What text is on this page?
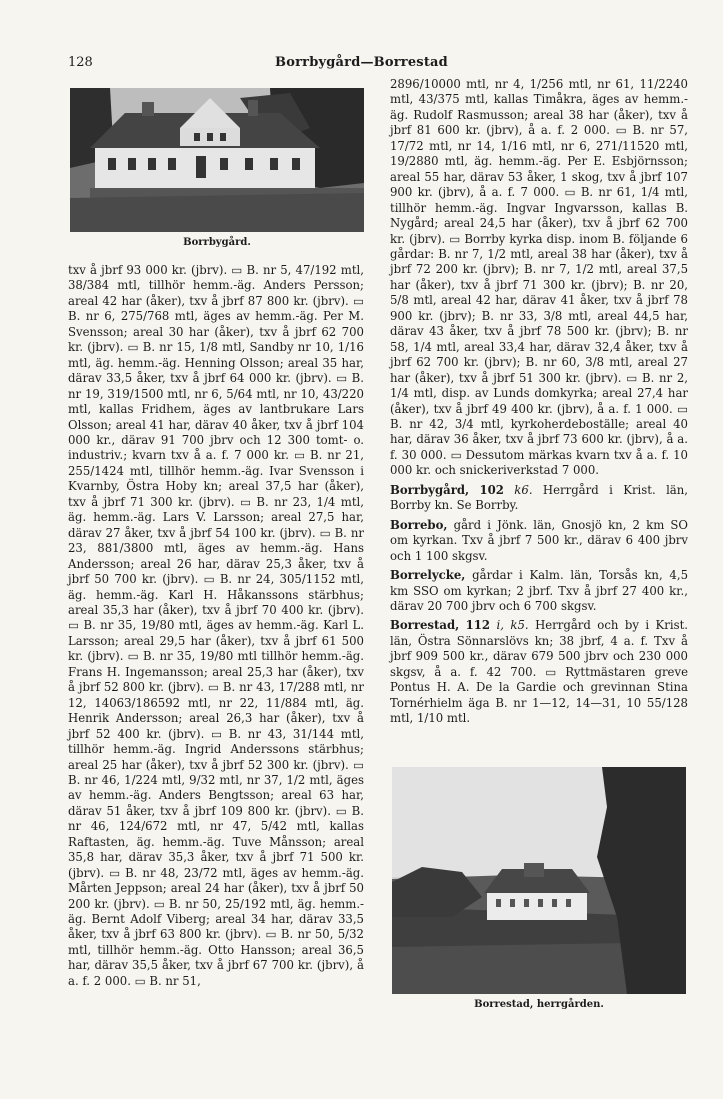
128	Borrbygård—Borrestad
Borrbygård.

txv å jbrf 93 000 kr. (jbrv). ▭ B. nr 5, 47/192 mtl, 38/384 mtl, tillhör hemm.-äg. Anders Persson; areal 42 har (åker), txv å jbrf 87 800 kr. (jbrv). ▭ B. nr 6, 275/768 mtl, äges av hemm.-äg. Per M. Svensson; areal 30 har (åker), txv å jbrf 62 700 kr. (jbrv). ▭ B. nr 15, 1/8 mtl, Sandby nr 10, 1/16 mtl, äg. hemm.-äg. Henning Olsson; areal 35 har, därav 33,5 åker, txv å jbrf 64 000 kr. (jbrv). ▭ B. nr 19, 319/1500 mtl, nr 6, 5/64 mtl, nr 10, 43/220 mtl, kallas Fridhem, äges av lantbrukare Lars Olsson; areal 41 har, därav 40 åker, txv å jbrf 104 000 kr., därav 91 700 jbrv och 12 300 tomt- o. industriv.; kvarn txv å a. f. 7 000 kr. ▭ B. nr 21, 255/1424 mtl, tillhör hemm.-äg. Ivar Svensson i Kvarnby, Östra Hoby kn; areal 37,5 har (åker), txv å jbrf 71 300 kr. (jbrv). ▭ B. nr 23, 1/4 mtl, äg. hemm.-äg. Lars V. Larsson; areal 27,5 har, därav 27 åker, txv å jbrf 54 100 kr. (jbrv). ▭ B. nr 23, 881/3800 mtl, äges av hemm.-äg. Hans Andersson; areal 26 har, därav 25,3 åker, txv å jbrf 50 700 kr. (jbrv). ▭ B. nr 24, 305/1152 mtl, äg. hemm.-äg. Karl H. Håkanssons stärbhus; areal 35,3 har (åker), txv å jbrf 70 400 kr. (jbrv). ▭ B. nr 35, 19/80 mtl, äges av hemm.-äg. Karl L. Larsson; areal 29,5 har (åker), txv å jbrf 61 500 kr. (jbrv). ▭ B. nr 35, 19/80 mtl tillhör hemm.-äg. Frans H. Ingemansson; areal 25,3 har (åker), txv å jbrf 52 800 kr. (jbrv). ▭ B. nr 43, 17/288 mtl, nr 12, 14063/186592 mtl, nr 22, 11/884 mtl, äg. Henrik Andersson; areal 26,3 har (åker), txv å jbrf 52 400 kr. (jbrv). ▭ B. nr 43, 31/144 mtl, tillhör hemm.-äg. Ingrid Anderssons stärbhus; areal 25 har (åker), txv å jbrf 52 300 kr. (jbrv). ▭ B. nr 46, 1/224 mtl, 9/32 mtl, nr 37, 1/2 mtl, äges av hemm.-äg. Anders Bengtsson; areal 63 har, därav 51 åker, txv å jbrf 109 800 kr. (jbrv). ▭ B. nr 46, 124/672 mtl, nr 47, 5/42 mtl, kallas Raftasten, äg. hemm.-äg. Tuve Månsson; areal 35,8 har, därav 35,3 åker, txv å jbrf 71 500 kr. (jbrv). ▭ B. nr 48, 23/72 mtl, äges av hemm.-äg. Mårten Jeppson; areal 24 har (åker), txv å jbrf 50 200 kr. (jbrv). ▭ B. nr 50, 25/192 mtl, äg. hemm.-äg. Bernt Adolf Viberg; areal 34 har, därav 33,5 åker, txv å jbrf 63 800 kr. (jbrv). ▭ B. nr 50, 5/32 mtl, tillhör hemm.-äg. Otto Hansson; areal 36,5 har, därav 35,5 åker, txv å jbrf 67 700 kr. (jbrv), å a. f. 2 000. ▭ B. nr 51,

2896/10000 mtl, nr 4, 1/256 mtl, nr 61, 11/2240 mtl, 43/375 mtl, kallas Timåkra, äges av hemm.-äg. Rudolf Rasmusson; areal 38 har (åker), txv å jbrf 81 600 kr. (jbrv), å a. f. 2 000. ▭ B. nr 57, 17/72 mtl, nr 14, 1/16 mtl, nr 6, 271/11520 mtl, 19/2880 mtl, äg. hemm.-äg. Per E. Esbjörnsson; areal 55 har, därav 53 åker, 1 skog, txv å jbrf 107 900 kr. (jbrv), å a. f. 7 000. ▭ B. nr 61, 1/4 mtl, tillhör hemm.-äg. Ingvar Ingvarsson, kallas B. Nygård; areal 24,5 har (åker), txv å jbrf 62 700 kr. (jbrv). ▭ Borrby kyrka disp. inom B. följande 6 gårdar: B. nr 7, 1/2 mtl, areal 38 har (åker), txv å jbrf 72 200 kr. (jbrv); B. nr 7, 1/2 mtl, areal 37,5 har (åker), txv å jbrf 71 300 kr. (jbrv); B. nr 20, 5/8 mtl, areal 42 har, därav 41 åker, txv å jbrf 78 900 kr. (jbrv); B. nr 33, 3/8 mtl, areal 44,5 har, därav 43 åker, txv å jbrf 78 500 kr. (jbrv); B. nr 58, 1/4 mtl, areal 33,4 har, därav 32,4 åker, txv å jbrf 62 700 kr. (jbrv); B. nr 60, 3/8 mtl, areal 27 har (åker), txv å jbrf 51 300 kr. (jbrv). ▭ B. nr 2, 1/4 mtl, disp. av Lunds domkyrka; areal 27,4 har (åker), txv å jbrf 49 400 kr. (jbrv), å a. f. 1 000. ▭ B. nr 42, 3/4 mtl, kyrkoherdeboställe; areal 40 har, därav 36 åker, txv å jbrf 73 600 kr. (jbrv), å a. f. 30 000. ▭ Dessutom märkas kvarn txv å a. f. 10 000 kr. och snickeriverkstad 7 000.

Borrbygård, 102 k6. Herrgård i Krist. län, Borrby kn. Se Borrby.

Borrebo, gård i Jönk. län, Gnosjö kn, 2 km SO om kyrkan. Txv å jbrf 7 500 kr., därav 6 400 jbrv och 1 100 skgsv.

Borrelycke, gårdar i Kalm. län, Torsås kn, 4,5 km SSO om kyrkan; 2 jbrf. Txv å jbrf 27 400 kr., därav 20 700 jbrv och 6 700 skgsv.

Borrestad, 112 i, k5. Herrgård och by i Krist. län, Östra Sönnarslövs kn; 38 jbrf, 4 a. f. Txv å jbrf 909 500 kr., därav 679 500 jbrv och 230 000 skgsv, å a. f. 42 700. ▭ Ryttmästaren greve Pontus H. A. De la Gardie och grevinnan Stina Tornérhielm äga B. nr 1—12, 14—31, 10 55/128 mtl, 1/10 mtl.

Borrestad, herrgården.
